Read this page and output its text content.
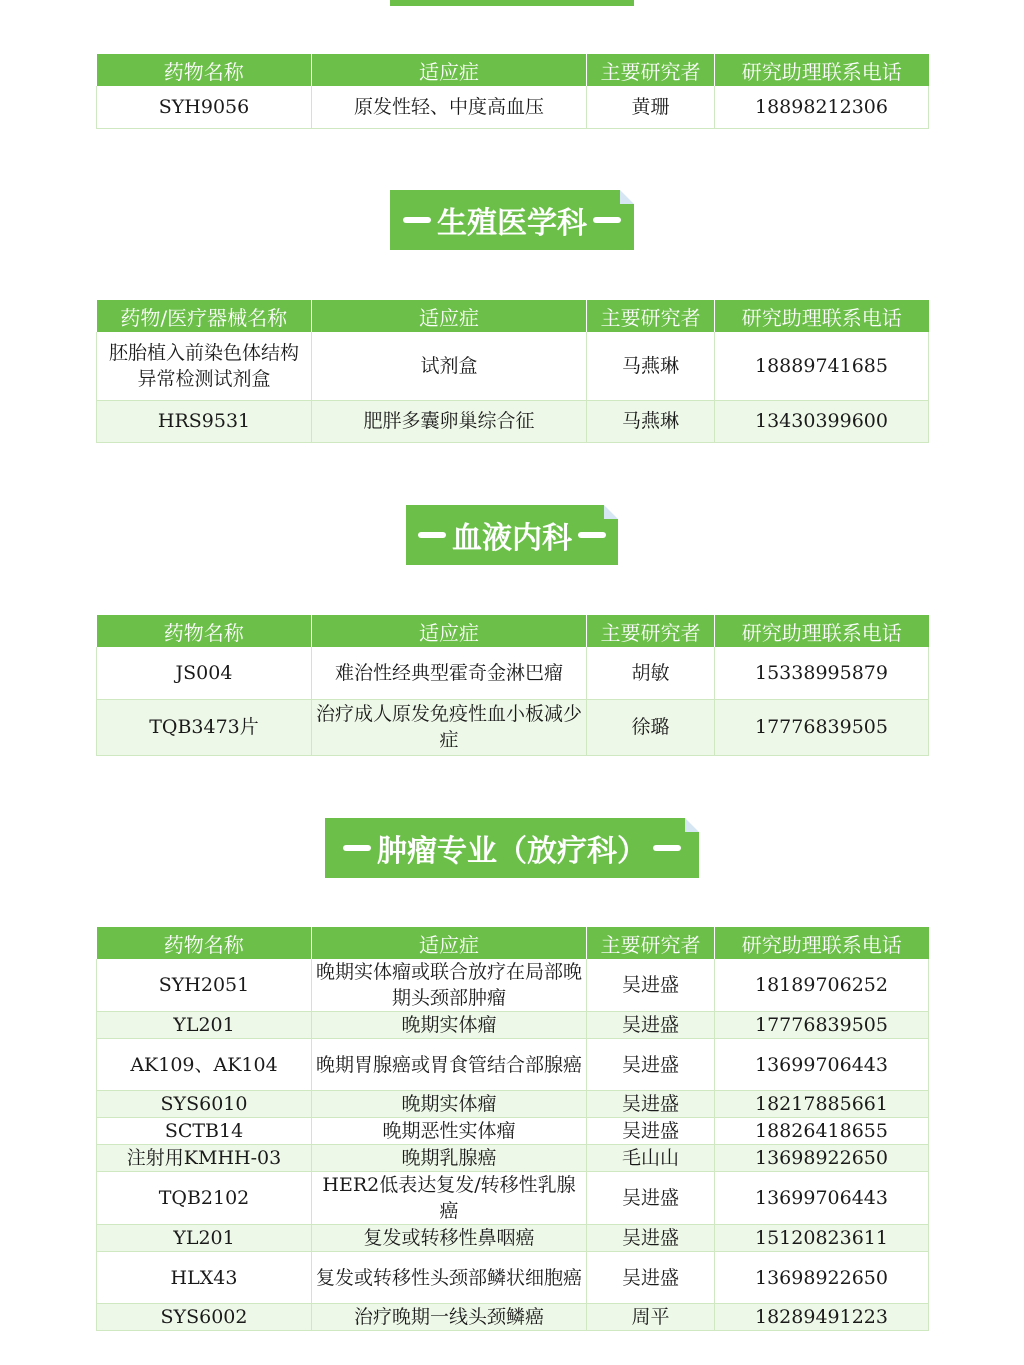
药物名称	适应症	主要研究者	研究助理联系电话
SYH9056	原发性轻、中度高血压	黄珊	18898212306
生殖医学科
药物/医疗器械名称	适应症	主要研究者	研究助理联系电话
胚胎植入前染色体结构异常检测试剂盒	试剂盒	马燕琳	18889741685
HRS9531	肥胖多囊卵巢综合征	马燕琳	13430399600
血液内科
药物名称	适应症	主要研究者	研究助理联系电话
JS004	难治性经典型霍奇金淋巴瘤	胡敏	15338995879
TQB3473片	治疗成人原发免疫性血小板减少症	徐璐	17776839505
肿瘤专业（放疗科）
药物名称	适应症	主要研究者	研究助理联系电话
SYH2051	晚期实体瘤或联合放疗在局部晚期头颈部肿瘤	吴进盛	18189706252
YL201	晚期实体瘤	吴进盛	17776839505
AK109、AK104	晚期胃腺癌或胃食管结合部腺癌	吴进盛	13699706443
SYS6010	晚期实体瘤	吴进盛	18217885661
SCTB14	晚期恶性实体瘤	吴进盛	18826418655
注射用KMHH-03	晚期乳腺癌	毛山山	13698922650
TQB2102	HER2低表达复发/转移性乳腺癌	吴进盛	13699706443
YL201	复发或转移性鼻咽癌	吴进盛	15120823611
HLX43	复发或转移性头颈部鳞状细胞癌	吴进盛	13698922650
SYS6002	治疗晚期一线头颈鳞癌	周平	18289491223
